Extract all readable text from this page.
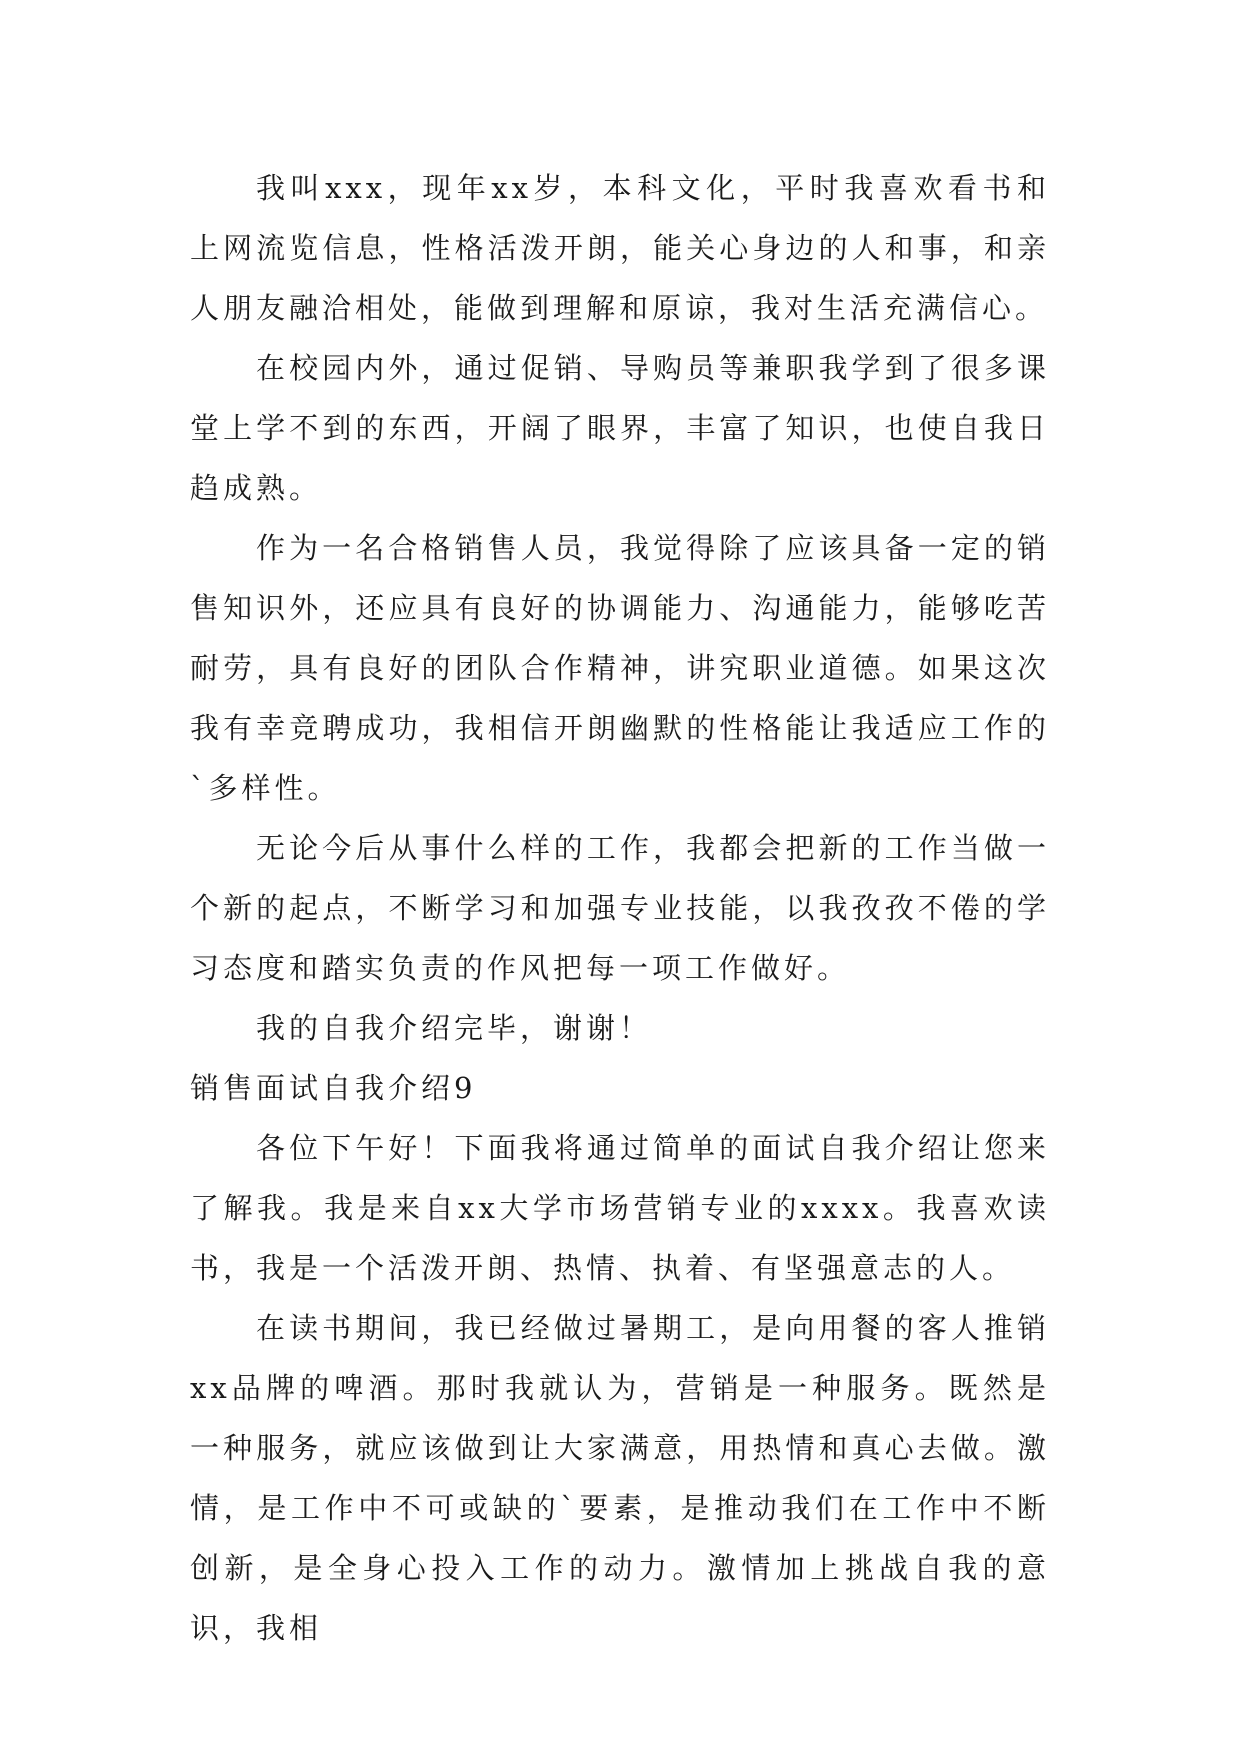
我叫xxx，现年xx岁，本科文化，平时我喜欢看书和上网流览信息，性格活泼开朗，能关心身边的人和事，和亲人朋友融洽相处，能做到理解和原谅，我对生活充满信心。

在校园内外，通过促销、导购员等兼职我学到了很多课堂上学不到的东西，开阔了眼界，丰富了知识，也使自我日趋成熟。

作为一名合格销售人员，我觉得除了应该具备一定的销售知识外，还应具有良好的协调能力、沟通能力，能够吃苦耐劳，具有良好的团队合作精神，讲究职业道德。如果这次我有幸竞聘成功，我相信开朗幽默的性格能让我适应工作的`多样性。

无论今后从事什么样的工作，我都会把新的工作当做一个新的起点，不断学习和加强专业技能，以我孜孜不倦的学习态度和踏实负责的作风把每一项工作做好。

我的自我介绍完毕，谢谢！

销售面试自我介绍9

各位下午好！下面我将通过简单的面试自我介绍让您来了解我。我是来自xx大学市场营销专业的xxxx。我喜欢读书，我是一个活泼开朗、热情、执着、有坚强意志的人。

在读书期间，我已经做过暑期工，是向用餐的客人推销xx品牌的啤酒。那时我就认为，营销是一种服务。既然是一种服务，就应该做到让大家满意，用热情和真心去做。激情，是工作中不可或缺的`要素，是推动我们在工作中不断创新，是全身心投入工作的动力。激情加上挑战自我的意识，我相
